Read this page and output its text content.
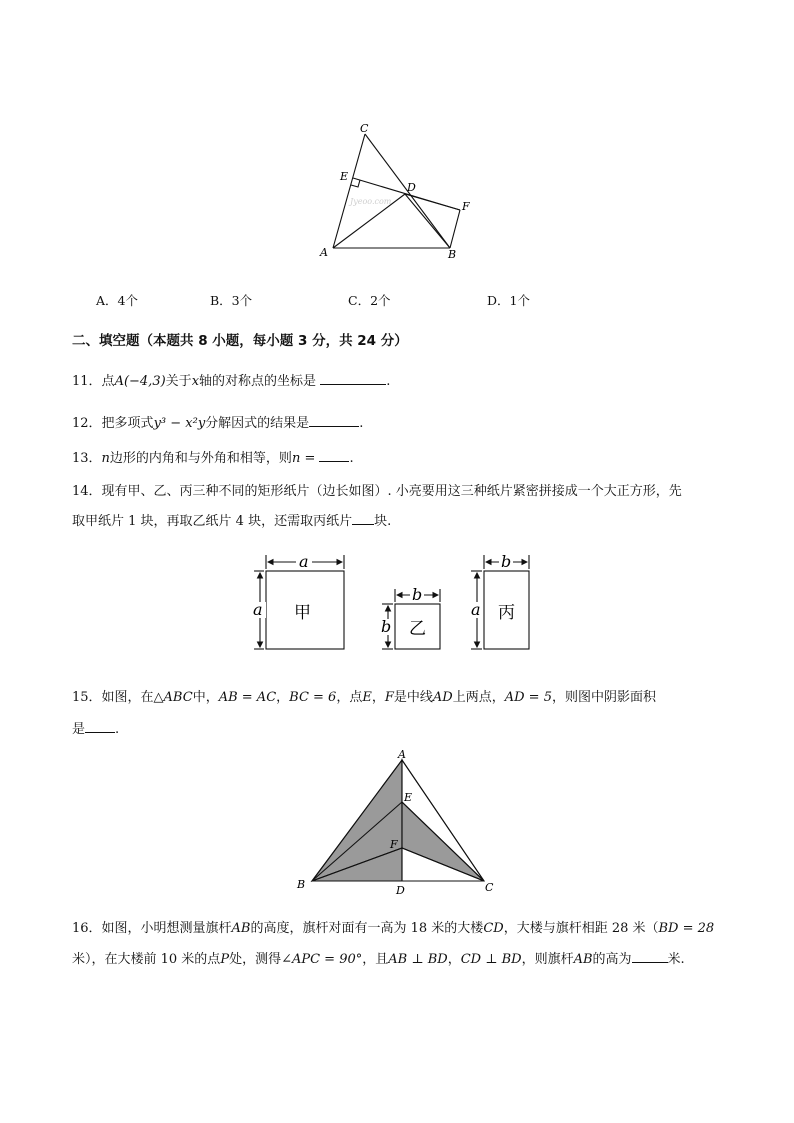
C
E
D
F
A	B
Jyeoo.com
A．4个	B．3个	C．2个	D．1个
二、填空题（本题共 8 小题，每小题 3 分，共 24 分）
11．点A(−4,3)关于x轴的对称点的坐标是	.
12．把多项式y³ − x²y分解因式的结果是	.
13．n边形的内角和与外角和相等，则n =	.
14．现有甲、乙、丙三种不同的矩形纸片（边长如图）. 小亮要用这三种纸片紧密拼接成一个大正方形，先
取甲纸片 1 块，再取乙纸片 4 块，还需取丙纸片 块.
a
a 甲
b
b 乙
b
a 丙
15．如图，在△ABC中，AB = AC，BC = 6，点E，F是中线AD上两点，AD = 5，则图中阴影面积
是 .
A
E
F
B	D	C
16．如图，小明想测量旗杆AB的高度，旗杆对面有一高为 18 米的大楼CD，大楼与旗杆相距 28 米（BD = 28
米），在大楼前 10 米的点P处，测得∠APC = 90°，且AB ⊥ BD，CD ⊥ BD，则旗杆AB的高为	米.
